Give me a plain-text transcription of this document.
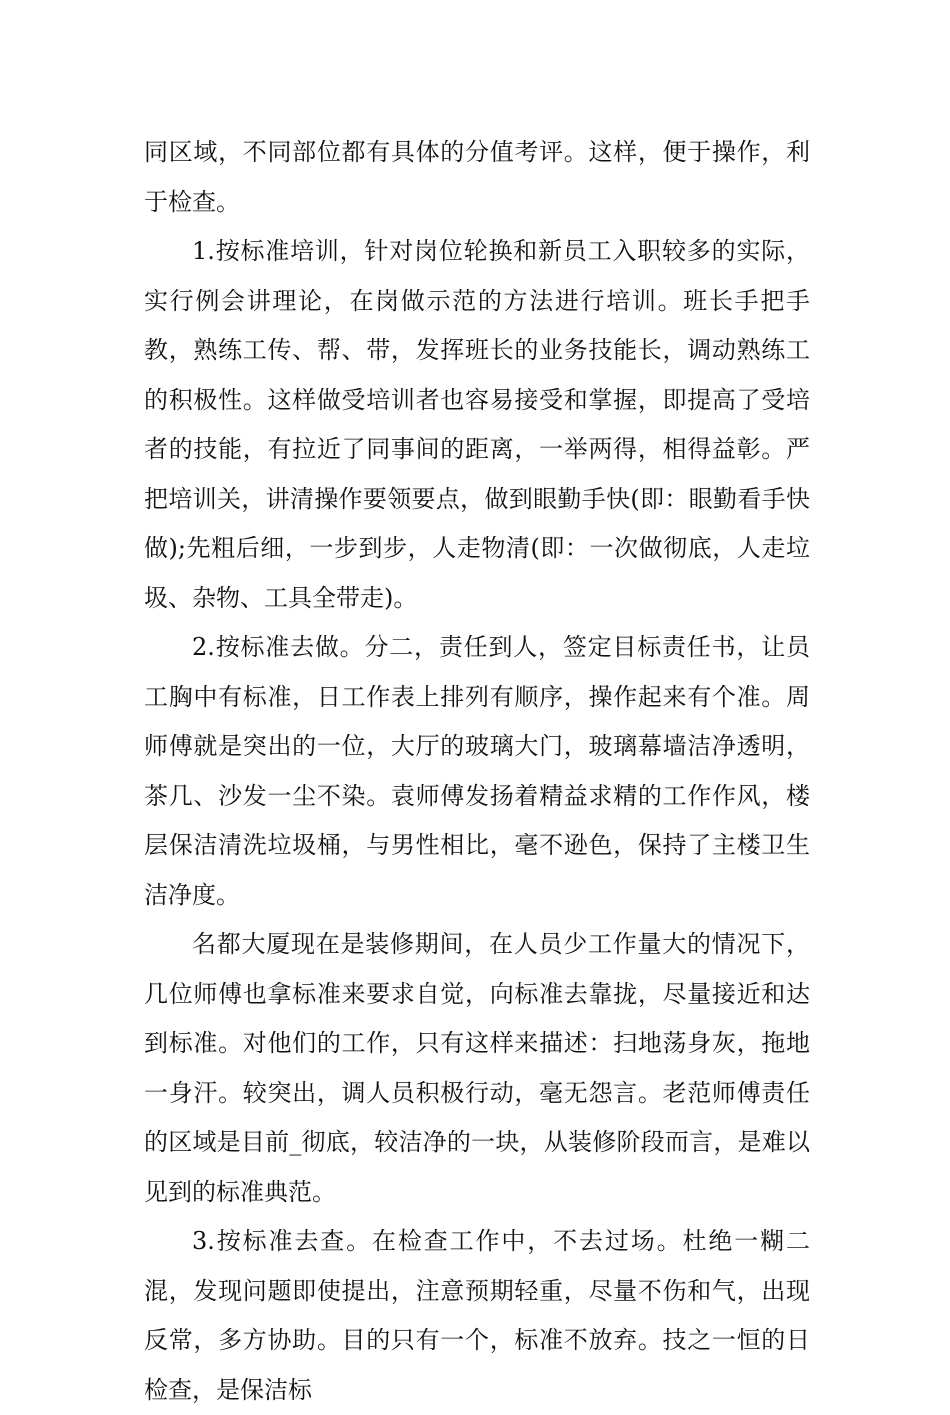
同区域，不同部位都有具体的分值考评。这样，便于操作，利于检查。

1.按标准培训，针对岗位轮换和新员工入职较多的实际，实行例会讲理论，在岗做示范的方法进行培训。班长手把手教，熟练工传、帮、带，发挥班长的业务技能长，调动熟练工的积极性。这样做受培训者也容易接受和掌握，即提高了受培者的技能，有拉近了同事间的距离，一举两得，相得益彰。严把培训关，讲清操作要领要点，做到眼勤手快(即：眼勤看手快做);先粗后细，一步到步，人走物清(即：一次做彻底，人走垃圾、杂物、工具全带走)。

2.按标准去做。分二，责任到人，签定目标责任书，让员工胸中有标准，日工作表上排列有顺序，操作起来有个准。周师傅就是突出的一位，大厅的玻璃大门，玻璃幕墙洁净透明，茶几、沙发一尘不染。袁师傅发扬着精益求精的工作作风，楼层保洁清洗垃圾桶，与男性相比，毫不逊色，保持了主楼卫生洁净度。

名都大厦现在是装修期间，在人员少工作量大的情况下，几位师傅也拿标准来要求自觉，向标准去靠拢，尽量接近和达到标准。对他们的工作，只有这样来描述：扫地荡身灰，拖地一身汗。较突出，调人员积极行动，毫无怨言。老范师傅责任的区域是目前_彻底，较洁净的一块，从装修阶段而言，是难以见到的标准典范。

3.按标准去查。在检查工作中，不去过场。杜绝一糊二混，发现问题即使提出，注意预期轻重，尽量不伤和气，出现反常，多方协助。目的只有一个，标准不放弃。技之一恒的日检查，是保洁标
